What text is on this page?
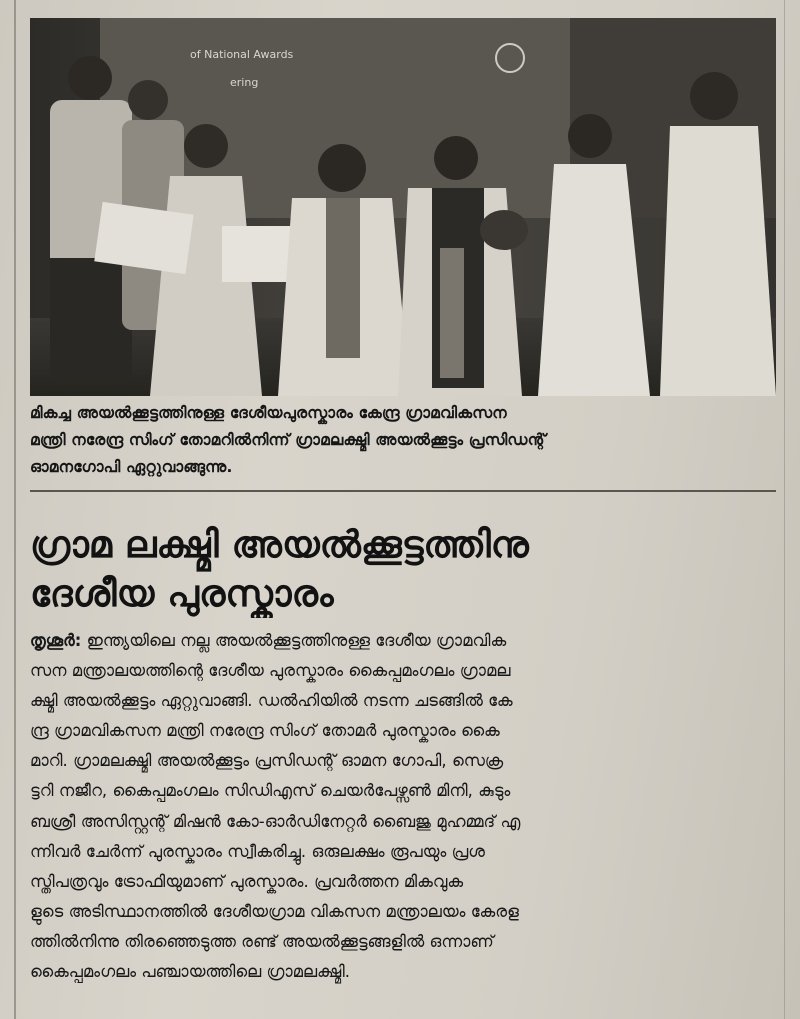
of National Awards
ering
മികച്ച അയൽക്കൂട്ടത്തിനുള്ള ദേശീയപുരസ്കാരം കേന്ദ്ര ഗ്രാമവികസന
മന്ത്രി നരേന്ദ്ര സിംഗ് തോമറിൽനിന്ന് ഗ്രാമലക്ഷ്മി അയൽക്കൂട്ടം പ്രസിഡന്റ്
ഓമനഗോപി ഏറ്റുവാങ്ങുന്നു.
ഗ്രാമ ലക്ഷ്മി അയൽക്കൂട്ടത്തിനു
ദേശീയ പുരസ്കാരം
തൃശൂർ: ഇന്ത്യയിലെ നല്ല അയൽക്കൂട്ടത്തിനുള്ള ദേശീയ ഗ്രാമവിക
സന മന്ത്രാലയത്തിന്റെ ദേശീയ പുരസ്കാരം കൈപ്പമംഗലം ഗ്രാമല
ക്ഷ്മി അയൽക്കൂട്ടം ഏറ്റുവാങ്ങി. ഡൽഹിയിൽ നടന്ന ചടങ്ങിൽ കേ
ന്ദ്ര ഗ്രാമവികസന മന്ത്രി നരേന്ദ്ര സിംഗ് തോമർ പുരസ്കാരം കൈ
മാറി. ഗ്രാമലക്ഷ്മി അയൽക്കൂട്ടം പ്രസിഡന്റ് ഓമന ഗോപി, സെക്ര
ട്ടറി നജീറ, കൈപ്പമംഗലം സിഡിഎസ് ചെയർപേഴ്സൺ മിനി, കുടും
ബശ്രീ അസിസ്റ്റന്റ് മിഷൻ കോ-ഓർഡിനേറ്റർ ബൈജു മുഹമ്മദ് എ
ന്നിവർ ചേർന്ന് പുരസ്കാരം സ്വീകരിച്ചു. ഒരുലക്ഷം രൂപയും പ്രശ
സ്തിപത്രവും ട്രോഫിയുമാണ് പുരസ്കാരം. പ്രവർത്തന മികവുക
ളുടെ അടിസ്ഥാനത്തിൽ ദേശീയഗ്രാമ വികസന മന്ത്രാലയം കേരള
ത്തിൽനിന്നു തിരഞ്ഞെടുത്ത രണ്ട് അയൽക്കൂട്ടങ്ങളിൽ ഒന്നാണ്
കൈപ്പമംഗലം പഞ്ചായത്തിലെ ഗ്രാമലക്ഷ്മി.
